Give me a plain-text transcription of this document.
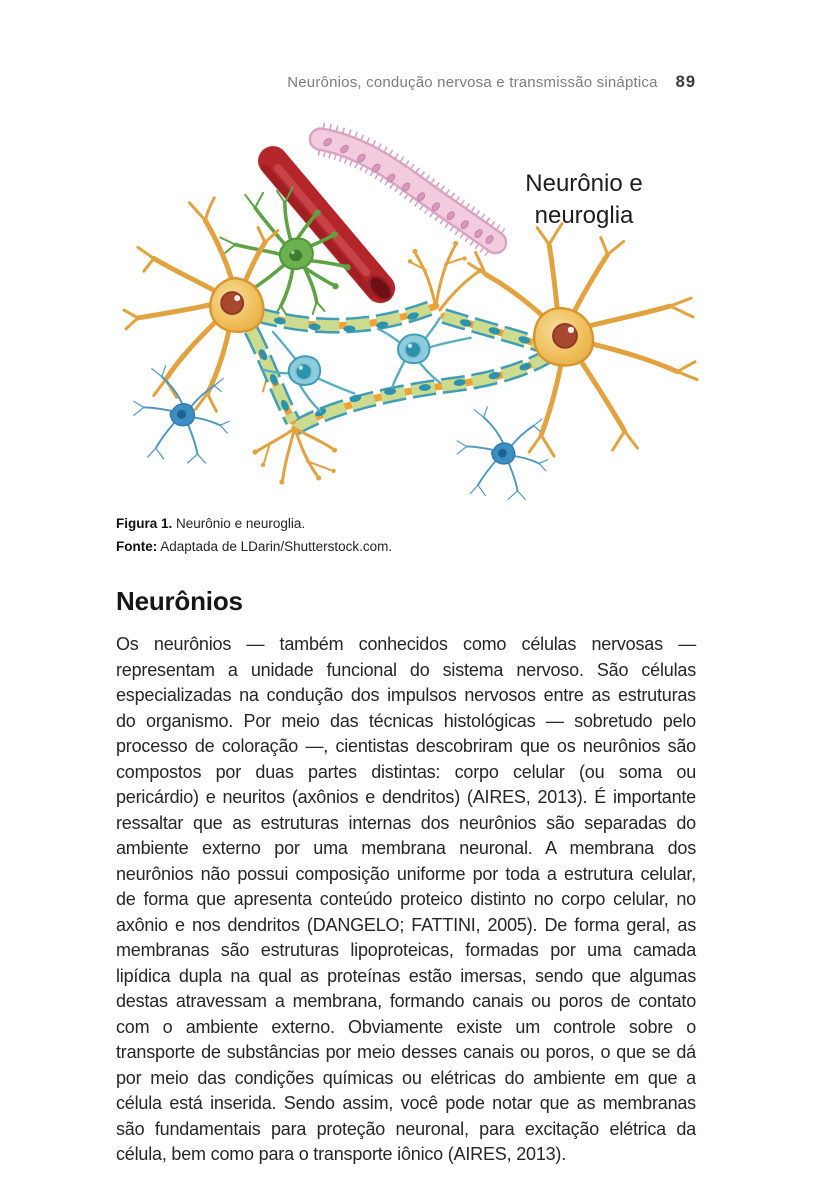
Neurônios, condução nervosa e transmissão sináptica 89
Neurônio e neuroglia

Figura 1. Neurônio e neuroglia.

Fonte: Adaptada de LDarin/Shutterstock.com.

Neurônios

Os neurônios — também conhecidos como células nervosas — representam a unidade funcional do sistema nervoso. São células especializadas na condução dos impulsos nervosos entre as estruturas do organismo. Por meio das técnicas histológicas — sobretudo pelo processo de coloração —, cientistas descobriram que os neurônios são compostos por duas partes distintas: corpo celular (ou soma ou pericárdio) e neuritos (axônios e dendritos) (AIRES, 2013). É importante ressaltar que as estruturas internas dos neurônios são separadas do ambiente externo por uma membrana neuronal. A membrana dos neurônios não possui composição uniforme por toda a estrutura celular, de forma que apresenta conteúdo proteico distinto no corpo celular, no axônio e nos dendritos (DANGELO; FATTINI, 2005). De forma geral, as membranas são estruturas lipoproteicas, formadas por uma camada lipídica dupla na qual as proteínas estão imersas, sendo que algumas destas atravessam a membrana, formando canais ou poros de contato com o ambiente externo. Obviamente existe um controle sobre o transporte de substâncias por meio desses canais ou poros, o que se dá por meio das condições químicas ou elétricas do ambiente em que a célula está inserida. Sendo assim, você pode notar que as membranas são fundamentais para proteção neuronal, para excitação elétrica da célula, bem como para o transporte iônico (AIRES, 2013).
